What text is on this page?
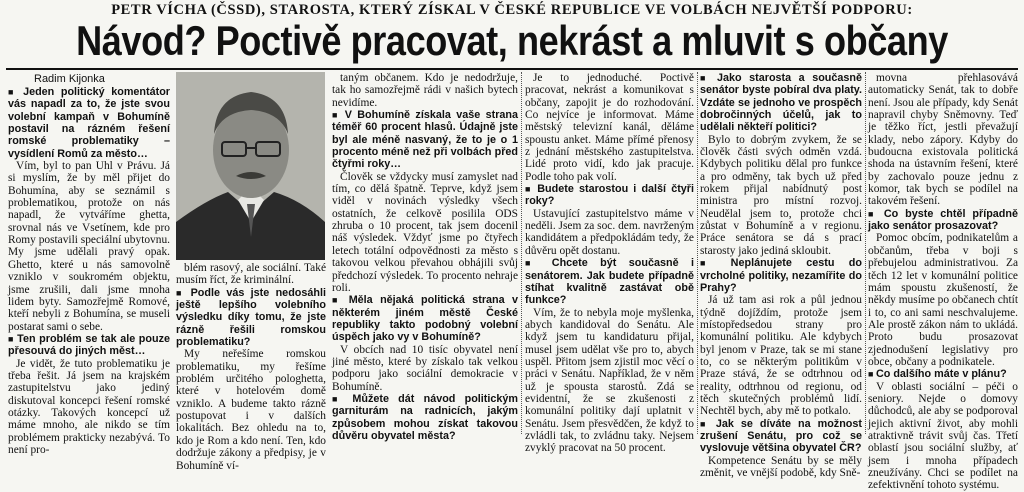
PETR VÍCHA (ČSSD), STAROSTA, KTERÝ ZÍSKAL V ČESKÉ REPUBLICE VE VOLBÁCH NEJVĚTŠÍ PODPORU:
Návod? Poctivě pracovat, nekrást a mluvit s občany
Radim Kijonka

■ Jeden politický komentátor vás napadl za to, že jste svou volební kampaň v Bohumíně postavil na rázném řešení romské problematiky – vysídlení Romů za město…

Vím, byl to pan Uhl v Právu. Já si myslím, že by měl přijet do Bohumína, aby se seznámil s problematikou, protože on nás napadl, že vytváříme ghetta, srovnal nás ve Vsetínem, kde pro Romy postavili speciální ubytovnu. My jsme udělali pravý opak. Ghetto, které u nás samovolně vzniklo v soukromém objektu, jsme zrušili, dali jsme mnoha lidem byty. Samozřejmě Romové, kteří nebyli z Bohumína, se museli postarat sami o sebe.

■ Ten problém se tak ale pouze přesouvá do jiných měst…

Je vidět, že tuto problematiku je třeba řešit. Já jsem na krajském zastupitelstvu jako jediný diskutoval koncepci řešení romské otázky. Takových koncepcí už máme mnoho, ale nikdo se tím problémem prakticky nezabývá. To není pro-

blém rasový, ale sociální. Také musím říct, že kriminální.

■ Podle vás jste nedosáhli ještě lepšího volebního výsledku díky tomu, že jste rázně řešili romskou problematiku?

My neřešíme romskou problematiku, my řešíme problém určitého pologhetta, které v hotelovém domě vzniklo. A budeme takto rázně postupovat i v dalších lokalitách. Bez ohledu na to, kdo je Rom a kdo není. Ten, kdo dodržuje zákony a předpisy, je v Bohumíně ví-

taným občanem. Kdo je nedodržuje, tak ho samozřejmě rádi v našich bytech nevidíme.

■ V Bohumíně získala vaše strana téměř 60 procent hlasů. Údajně jste byl ale méně nasvaný, že to je o 1 procento méně než při volbách před čtyřmi roky…

Člověk se vždycky musí zamyslet nad tím, co dělá špatně. Teprve, když jsem viděl v novinách výsledky všech ostatních, že celkově posilila ODS zhruba o 10 procent, tak jsem docenil náš výsledek. Vždyť jsme po čtyřech letech totální odpovědnosti za město s takovou velkou převahou obhájili svůj předchozí výsledek. To procento nehraje roli.

■ Měla nějaká politická strana v některém jiném městě České republiky takto podobný volební úspěch jako vy v Bohumíně?

V obcích nad 10 tisíc obyvatel není jiné město, které by získalo tak velkou podporu jako sociální demokracie v Bohumíně.

■ Můžete dát návod politickým garniturám na radnicích, jakým způsobem mohou získat takovou důvěru obyvatel města?

Je to jednoduché. Poctivě pracovat, nekrást a komunikovat s občany, zapojit je do rozhodování. Co nejvíce je informovat. Máme městský televizní kanál, děláme spoustu anket. Máme přímé přenosy z jednání městského zastupitelstva. Lidé proto vidí, kdo jak pracuje. Podle toho pak volí.

■ Budete starostou i další čtyři roky?

Ustavující zastupitelstvo máme v neděli. Jsem za soc. dem. navrženým kandidátem a předpokládám tedy, že důvěru opět dostanu.

■ Chcete být současně i senátorem. Jak budete případně stíhat kvalitně zastávat obě funkce?

Vím, že to nebyla moje myšlenka, abych kandidoval do Senátu. Ale když jsem tu kandidaturu přijal, musel jsem udělat vše pro to, abych uspěl. Přitom jsem zjistil moc věcí o práci v Senátu. Například, že v něm už je spousta starostů. Zdá se evidentní, že se zkušenosti z komunální politiky dají uplatnit v Senátu. Jsem přesvědčen, že když to zvládli tak, to zvládnu taky. Nejsem zvyklý pracovat na 50 procent.

■ Jako starosta a současně senátor byste pobíral dva platy. Vzdáte se jednoho ve prospěch dobročinných účelů, jak to udělali někteří politici?

Bylo to dobrým zvykem, že se člověk části svých odměn vzdá. Kdybych politiku dělal pro funkce a pro odměny, tak bych už před rokem přijal nabídnutý post ministra pro místní rozvoj. Neudělal jsem to, protože chci zůstat v Bohumíně a v regionu. Práce senátora se dá s prací starosty jako jediná skloubit.

■ Neplánujete cestu do vrcholné politiky, nezamířite do Prahy?

Já už tam asi rok a půl jednou týdně dojíždím, protože jsem místopředsedou strany pro komunální politiku. Ale kdybych byl jenom v Praze, tak se mi stane to, co se některým politikům v Praze stává, že se odtrhnou od reality, odtrhnou od regionu, od těch skutečných problémů lidí. Nechtěl bych, aby mě to potkalo.

■ Jak se díváte na možnost zrušení Senátu, pro což se vyslovuje většina obyvatel ČR?

Kompetence Senátu by se měly změnit, ve vnější podobě, kdy Sně-

movna přehlasovává automaticky Senát, tak to dobře není. Jsou ale případy, kdy Senát napravil chyby Sněmovny. Teď je těžko říct, jestli převažují klady, nebo zápory. Kdyby do budoucna existovala politická shoda na ústavním řešení, které by zachovalo pouze jednu z komor, tak bych se podílel na takovém řešení.

■ Co byste chtěl případně jako senátor prosazovat?

Pomoc obcím, podnikatelům a občanům, třeba v boji s přebujelou administrativou. Za těch 12 let v komunální politice mám spoustu zkušeností, že někdy musíme po občanech chtít i to, co ani sami neschvalujeme. Ale prostě zákon nám to ukládá. Proto budu prosazovat zjednodušení legislativy pro obce, občany a podnikatele.

■ Co dalšího máte v plánu?

V oblasti sociální – péči o seniory. Nejde o domovy důchodců, ale aby se podporoval jejich aktivní život, aby mohli atraktivně trávit svůj čas. Třetí oblastí jsou sociální služby, ať jsem i mnoha případech zneužívány. Chci se podílet na zefektivnění tohoto systému.
